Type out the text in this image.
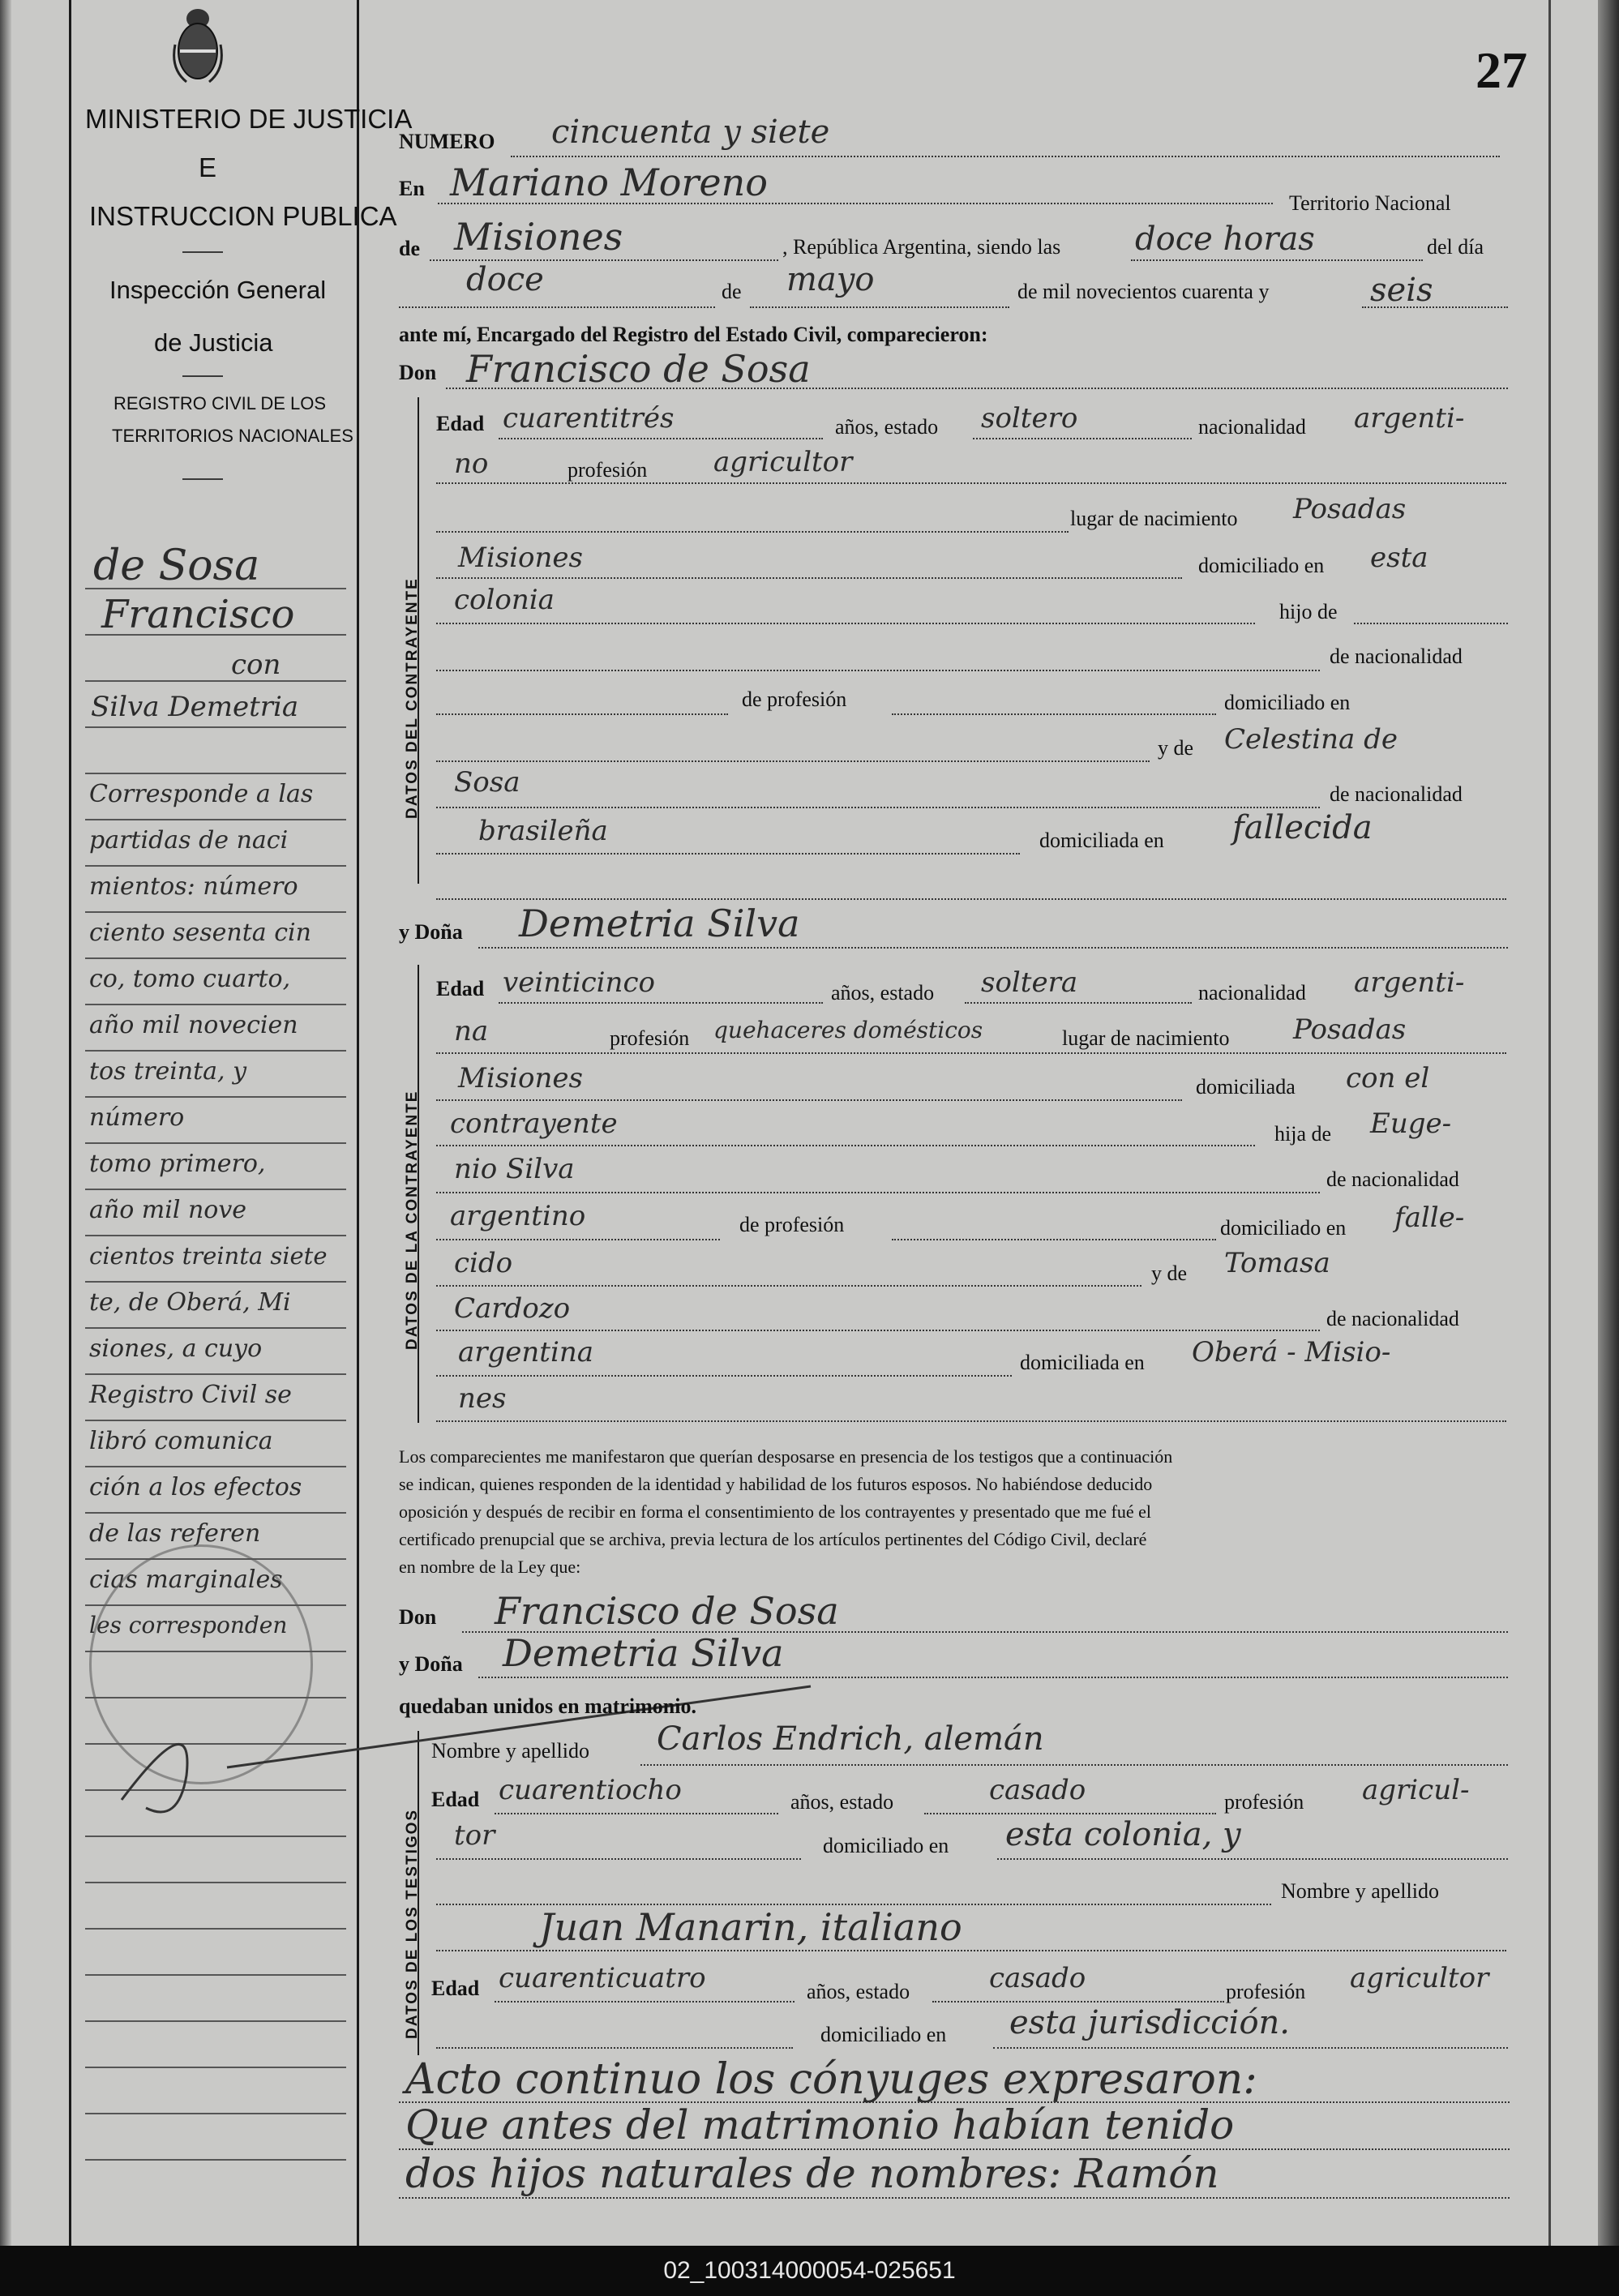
MINISTERIO DE JUSTICIA
E
INSTRUCCION PUBLICA
Inspección General
de Justicia
REGISTRO CIVIL DE LOS
TERRITORIOS NACIONALES
27
de Sosa
Francisco
con
Silva Demetria
Corresponde a las
partidas de naci
mientos: número
ciento sesenta cin
co, tomo cuarto,
año mil novecien
tos treinta, y
número
tomo primero,
año mil nove
cientos treinta siete
te, de Oberá, Mi
siones, a cuyo
Registro Civil se
libró comunica
ción a los efectos
de las referen
cias marginales
les corresponden
NUMERO cincuenta y siete
En Mariano Moreno	Territorio Nacional
de Misiones	, República Argentina, siendo las doce horas	del día
doce	de mayo	de mil novecientos cuarenta y	seis
ante mí, Encargado del Registro del Estado Civil, comparecieron:
Don Francisco de Sosa
DATOS DEL CONTRAYENTE
Edad cuarentitrés	años, estado soltero	nacionalidad argenti-
no	profesión agricultor
lugar de nacimiento Posadas
Misiones	domiciliado en esta
colonia	hijo de
de nacionalidad
de profesión	domiciliado en
y de Celestina de
Sosa	de nacionalidad
brasileña	domiciliada en fallecida
y Doña Demetria Silva
DATOS DE LA CONTRAYENTE
Edad veinticinco	años, estado soltera	nacionalidad argenti-
na	profesión quehaceres domésticos	lugar de nacimiento Posadas
Misiones	domiciliada con el
contrayente	hija de Euge-
nio Silva	de nacionalidad
argentino	de profesión	domiciliado en falle-
cido	y de Tomasa
Cardozo	de nacionalidad
argentina	domiciliada en Oberá - Misio-
nes
Los comparecientes me manifestaron que querían desposarse en presencia de los testigos que a continuación
se indican, quienes responden de la identidad y habilidad de los futuros esposos. No habiéndose deducido
oposición y después de recibir en forma el consentimiento de los contrayentes y presentado que me fué el
certificado prenupcial que se archiva, previa lectura de los artículos pertinentes del Código Civil, declaré
en nombre de la Ley que:
Don Francisco de Sosa
y Doña Demetria Silva
quedaban unidos en matrimonio.
DATOS DE LOS TESTIGOS
Nombre y apellido Carlos Endrich, alemán
Edad cuarentiocho	años, estado	casado	profesión agricul-
tor	domiciliado en esta colonia, y
Nombre y apellido
Juan Manarin, italiano
Edad cuarenticuatro	años, estado	casado	profesión agricultor
domiciliado en esta jurisdicción.
Acto continuo los cónyuges expresaron:
Que antes del matrimonio habían tenido
dos hijos naturales de nombres: Ramón
02_100314000054-025651
